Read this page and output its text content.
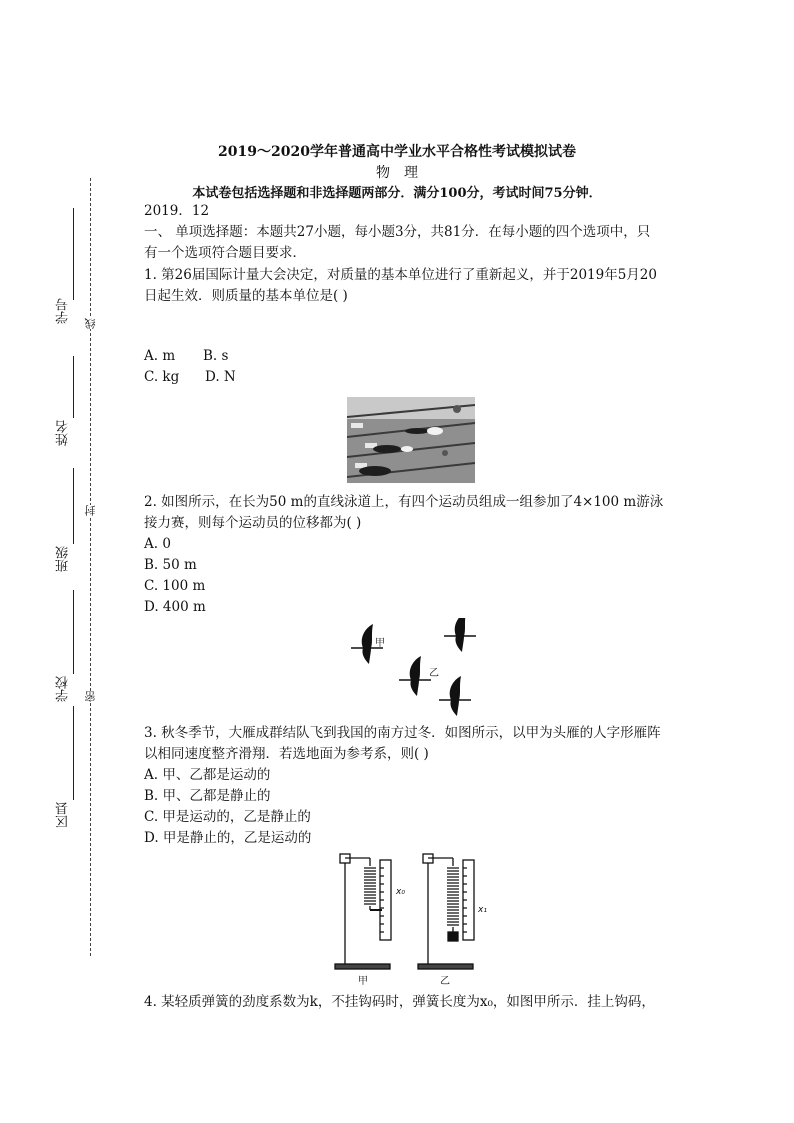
线
封
密
学号
姓名
班级
学校
区县
2019～2020学年普通高中学业水平合格性考试模拟试卷
物理
本试卷包括选择题和非选择题两部分．满分100分，考试时间75分钟．
2019．12
一、 单项选择题：本题共27小题，每小题3分，共81分．在每小题的四个选项中，只
有一个选项符合题目要求．
1. 第26届国际计量大会决定，对质量的基本单位进行了重新起义，并于2019年5月20
日起生效．则质量的基本单位是( )
A. m B. s
C. kg D. N
2. 如图所示，在长为50 m的直线泳道上，有四个运动员组成一组参加了4×100 m游泳
接力赛，则每个运动员的位移都为( )
A. 0
B. 50 m
C. 100 m
D. 400 m
甲
乙
3. 秋冬季节，大雁成群结队飞到我国的南方过冬．如图所示，以甲为头雁的人字形雁阵
以相同速度整齐滑翔．若选地面为参考系，则( )
A. 甲、乙都是运动的
B. 甲、乙都是静止的
C. 甲是运动的，乙是静止的
D. 甲是静止的，乙是运动的
x₀
x₁
甲	乙
4. 某轻质弹簧的劲度系数为k，不挂钩码时，弹簧长度为x₀，如图甲所示．挂上钩码，
